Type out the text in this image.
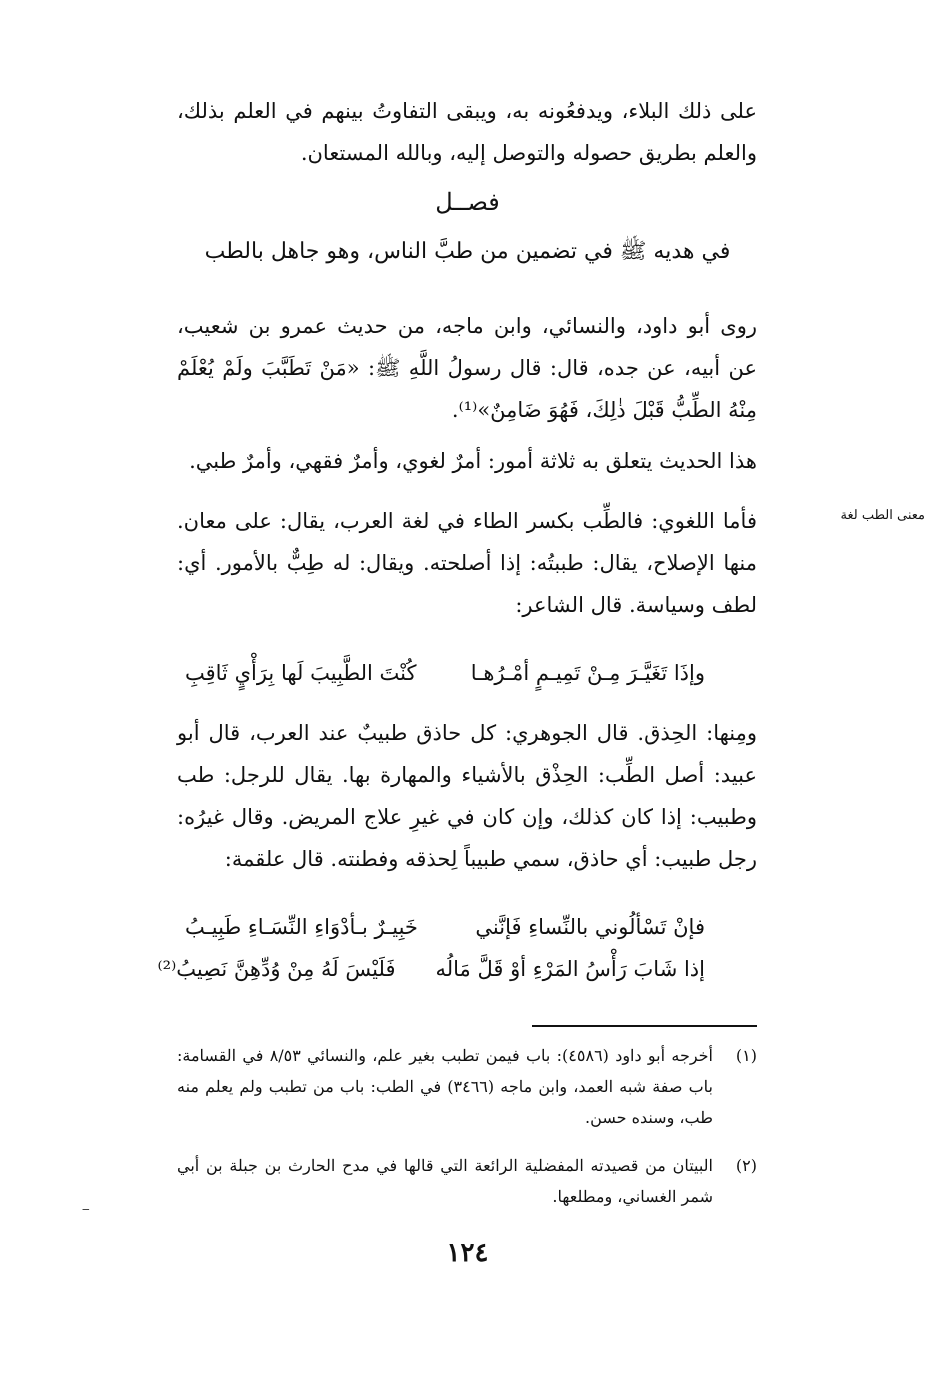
على ذلك البلاء، ويدفعُونه به، ويبقى التفاوتُ بينهم في العلم بذلك، والعلم بطريق حصوله والتوصل إليه، وبالله المستعان.

فصــل

في هديه ﷺ في تضمين من طبَّ الناس، وهو جاهل بالطب

روى أبو داود، والنسائي، وابن ماجه، من حديث عمرو بن شعيب، عن أبيه، عن جده، قال: قال رسولُ اللَّهِ ﷺ: «مَنْ تَطَبَّبَ ولَمْ يُعْلَمْ مِنْهُ الطِّبُّ قَبْلَ ذٰلِكَ، فَهُوَ ضَامِنٌ»⁽¹⁾.

هذا الحديث يتعلق به ثلاثة أمور: أمرٌ لغوي، وأمرٌ فقهي، وأمرٌ طبي.

معنى الطب لغة

فأما اللغوي: فالطِّب بكسر الطاء في لغة العرب، يقال: على معان. منها الإصلاح، يقال: طببتُه: إذا أصلحته. ويقال: له طِبٌّ بالأمور. أي: لطف وسياسة. قال الشاعر:

وإذَا تَغَيَّـرَ مِـنْ تَمِيـمٍ أمْـرُهـا
كُنْتَ الطَّبِيبَ لَها بِرَأْيٍ ثَاقِبِ

ومِنها: الحِذق. قال الجوهري: كل حاذق طبيبٌ عند العرب، قال أبو عبيد: أصل الطِّب: الحِذْق بالأشياء والمهارة بها. يقال للرجل: طب وطبيب: إذا كان كذلك، وإن كان في غيرِ علاج المريض. وقال غيرُه: رجل طبيب: أي حاذق، سمي طبيباً لِحذقه وفطنته. قال علقمة:

فإنْ تَسْألُوني بالنِّساءِ فَإنَّني
خَبِيـرٌ بـأدْوَاءِ النِّسَـاءِ طَبِيـبُ
إذا شَابَ رَأْسُ المَرْءِ أوْ قَلَّ مَالُه
فَلَيْسَ لَهُ مِنْ وُدِّهِنَّ نَصِيبُ⁽²⁾
(١)
أخرجه أبو داود (٤٥٨٦): باب فيمن تطبب بغير علم، والنسائي ٨/٥٣ في القسامة: باب صفة شبه العمد، وابن ماجه (٣٤٦٦) في الطب: باب من تطبب ولم يعلم منه طب، وسنده حسن.
(٢)
البيتان من قصيدته المفضلية الرائعة التي قالها في مدح الحارث بن جبلة بن أبي شمر الغساني، ومطلعها.
‒

١٢٤
